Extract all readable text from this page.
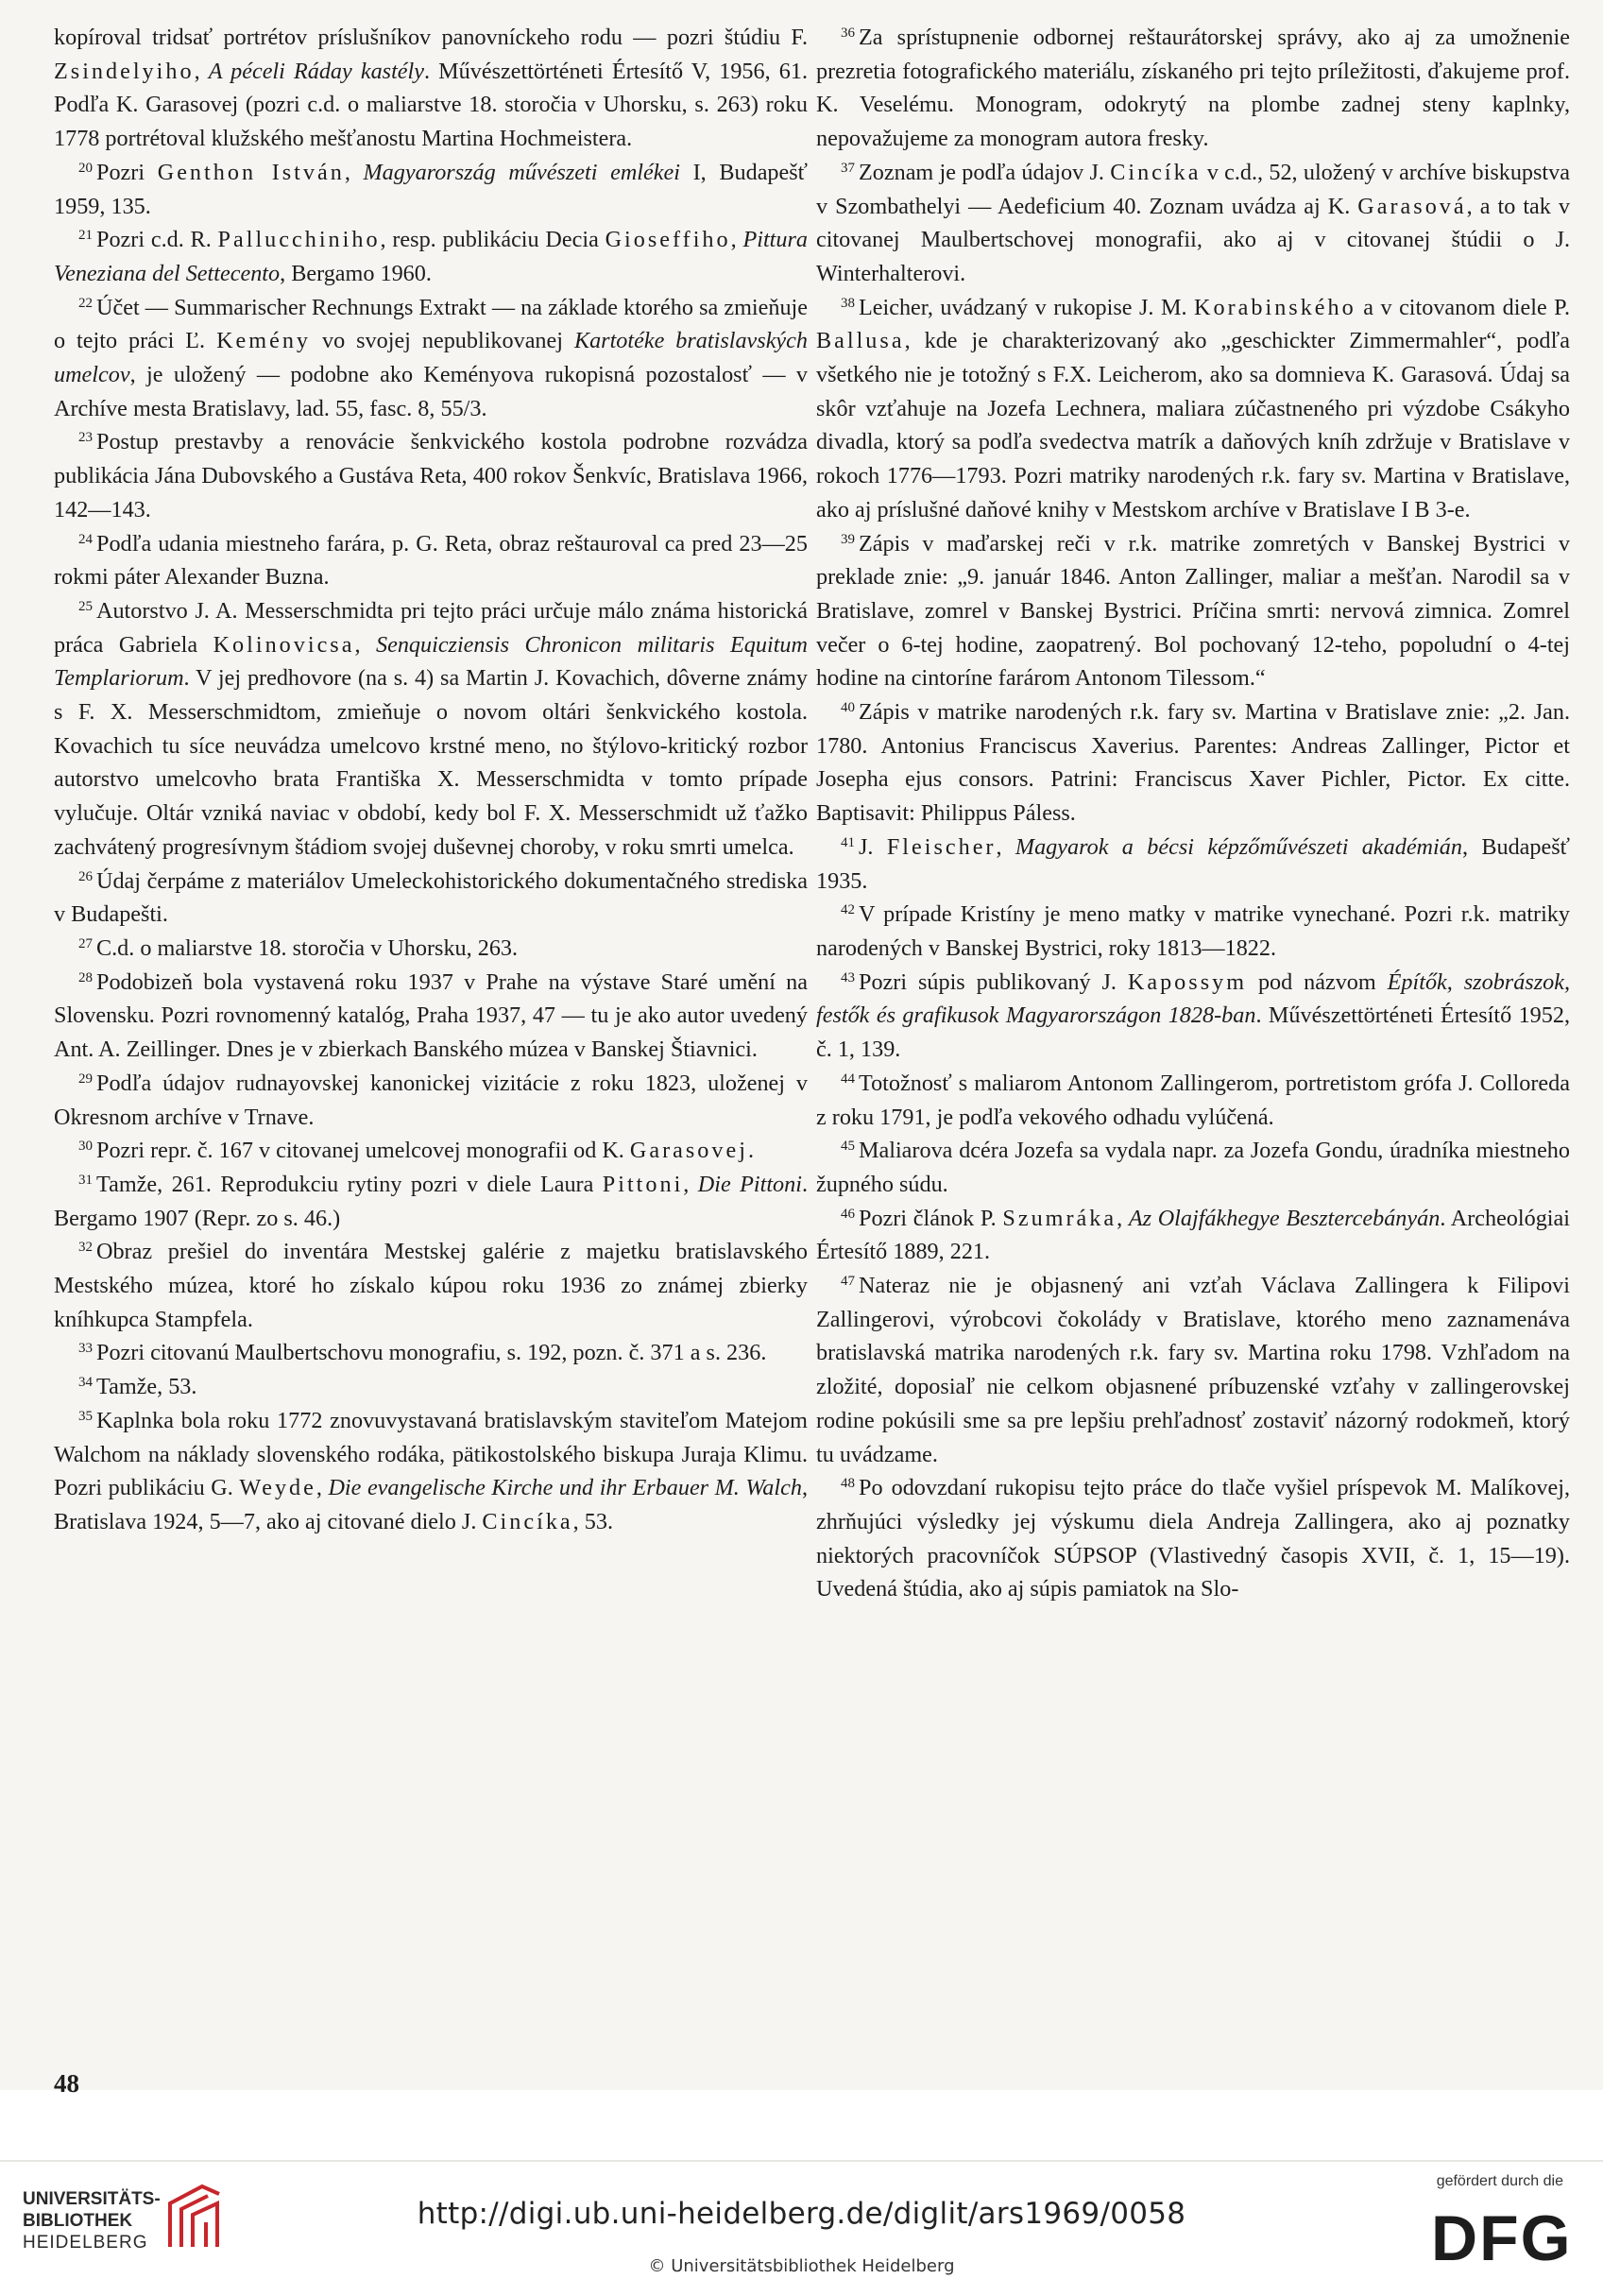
kopíroval tridsať portrétov príslušníkov panovníckeho rodu — pozri štúdiu F. Zsindelyiho, A péceli Ráday kastély. Művészettörténeti Értesítő V, 1956, 61. Podľa K. Garasovej (pozri c.d. o maliarstve 18. storočia v Uhorsku, s. 263) roku 1778 portrétoval klužského mešťanostu Martina Hochmeistera.

$^{20}$ Pozri Genthon István, Magyarország művészeti emlékei I, Budapešť 1959, 135.

$^{21}$ Pozri c.d. R. Pallucchiniho, resp. publikáciu Decia Gioseffiho, Pittura Veneziana del Settecento, Bergamo 1960.

$^{22}$ Účet — Summarischer Rechnungs Extrakt — na základe ktorého sa zmieňuje o tejto práci Ľ. Kemény vo svojej nepublikovanej Kartotéke bratislavských umelcov, je uložený — podobne ako Keményova rukopisná pozostalosť — v Archíve mesta Bratislavy, lad. 55, fasc. 8, 55/3.

$^{23}$ Postup prestavby a renovácie šenkvického kostola podrobne rozvádza publikácia Jána Dubovského a Gustáva Reta, 400 rokov Šenkvíc, Bratislava 1966, 142—143.

$^{24}$ Podľa udania miestneho farára, p. G. Reta, obraz reštauroval ca pred 23—25 rokmi páter Alexander Buzna.

$^{25}$ Autorstvo J. A. Messerschmidta pri tejto práci určuje málo známa historická práca Gabriela Kolinovicsa, Senquicziensis Chronicon militaris Equitum Templariorum. V jej predhovore (na s. 4) sa Martin J. Kovachich, dôverne známy s F. X. Messerschmidtom, zmieňuje o novom oltári šenkvického kostola. Kovachich tu síce neuvádza umelcovo krstné meno, no štýlovo-kritický rozbor autorstvo umelcovho brata Františka X. Messerschmidta v tomto prípade vylučuje. Oltár vzniká naviac v období, kedy bol F. X. Messerschmidt už ťažko zachvátený progresívnym štádiom svojej duševnej choroby, v roku smrti umelca.

$^{26}$ Údaj čerpáme z materiálov Umeleckohistorického dokumentačného strediska v Budapešti.

$^{27}$ C.d. o maliarstve 18. storočia v Uhorsku, 263.

$^{28}$ Podobizeň bola vystavená roku 1937 v Prahe na výstave Staré umění na Slovensku. Pozri rovnomenný katalóg, Praha 1937, 47 — tu je ako autor uvedený Ant. A. Zeillinger. Dnes je v zbierkach Banského múzea v Banskej Štiavnici.

$^{29}$ Podľa údajov rudnayovskej kanonickej vizitácie z roku 1823, uloženej v Okresnom archíve v Trnave.

$^{30}$ Pozri repr. č. 167 v citovanej umelcovej monografii od K. Garasovej.

$^{31}$ Tamže, 261. Reprodukciu rytiny pozri v diele Laura Pittoni, Die Pittoni. Bergamo 1907 (Repr. zo s. 46.)

$^{32}$ Obraz prešiel do inventára Mestskej galérie z majetku bratislavského Mestského múzea, ktoré ho získalo kúpou roku 1936 zo známej zbierky kníhkupca Stampfela.

$^{33}$ Pozri citovanú Maulbertschovu monografiu, s. 192, pozn. č. 371 a s. 236.

$^{34}$ Tamže, 53.

$^{35}$ Kaplnka bola roku 1772 znovuvystavaná bratislavským staviteľom Matejom Walchom na náklady slovenského rodáka, pätikostolského biskupa Juraja Klimu. Pozri publikáciu G. Weyde, Die evangelische Kirche und ihr Erbauer M. Walch, Bratislava 1924, 5—7, ako aj citované dielo J. Cincíka, 53.

$^{36}$ Za sprístupnenie odbornej reštaurátorskej správy, ako aj za umožnenie prezretia fotografického materiálu, získaného pri tejto príležitosti, ďakujeme prof. K. Veselému. Monogram, odokrytý na plombe zadnej steny kaplnky, nepovažujeme za monogram autora fresky.

$^{37}$ Zoznam je podľa údajov J. Cincíka v c.d., 52, uložený v archíve biskupstva v Szombathelyi — Aedeficium 40. Zoznam uvádza aj K. Garasová, a to tak v citovanej Maulbertschovej monografii, ako aj v citovanej štúdii o J. Winterhalterovi.

$^{38}$ Leicher, uvádzaný v rukopise J. M. Korabinského a v citovanom diele P. Ballusa, kde je charakterizovaný ako „geschickter Zimmermahler“, podľa všetkého nie je totožný s F.X. Leicherom, ako sa domnieva K. Garasová. Údaj sa skôr vzťahuje na Jozefa Lechnera, maliara zúčastneného pri výzdobe Csákyho divadla, ktorý sa podľa svedectva matrík a daňových kníh zdržuje v Bratislave v rokoch 1776—1793. Pozri matriky narodených r.k. fary sv. Martina v Bratislave, ako aj príslušné daňové knihy v Mestskom archíve v Bratislave I B 3-e.

$^{39}$ Zápis v maďarskej reči v r.k. matrike zomretých v Banskej Bystrici v preklade znie: „9. január 1846. Anton Zallinger, maliar a mešťan. Narodil sa v Bratislave, zomrel v Banskej Bystrici. Príčina smrti: nervová zimnica. Zomrel večer o 6-tej hodine, zaopatrený. Bol pochovaný 12-teho, popoludní o 4-tej hodine na cintoríne farárom Antonom Tilessom.“

$^{40}$ Zápis v matrike narodených r.k. fary sv. Martina v Bratislave znie: „2. Jan. 1780. Antonius Franciscus Xaverius. Parentes: Andreas Zallinger, Pictor et Josepha ejus consors. Patrini: Franciscus Xaver Pichler, Pictor. Ex citte. Baptisavit: Philippus Páless.

$^{41}$ J. Fleischer, Magyarok a bécsi képzőművészeti akadémián, Budapešť 1935.

$^{42}$ V prípade Kristíny je meno matky v matrike vynechané. Pozri r.k. matriky narodených v Banskej Bystrici, roky 1813—1822.

$^{43}$ Pozri súpis publikovaný J. Kapossym pod názvom Építők, szobrászok, festők és grafikusok Magyarországon 1828-ban. Művészettörténeti Értesítő 1952, č. 1, 139.

$^{44}$ Totožnosť s maliarom Antonom Zallingerom, portretistom grófa J. Colloreda z roku 1791, je podľa vekového odhadu vylúčená.

$^{45}$ Maliarova dcéra Jozefa sa vydala napr. za Jozefa Gondu, úradníka miestneho župného súdu.

$^{46}$ Pozri článok P. Szumráka, Az Olajfákhegye Besztercebányán. Archeológiai Értesítő 1889, 221.

$^{47}$ Nateraz nie je objasnený ani vzťah Václava Zallingera k Filipovi Zallingerovi, výrobcovi čokolády v Bratislave, ktorého meno zaznamenáva bratislavská matrika narodených r.k. fary sv. Martina roku 1798. Vzhľadom na zložité, doposiaľ nie celkom objasnené príbuzenské vzťahy v zallingerovskej rodine pokúsili sme sa pre lepšiu prehľadnosť zostaviť názorný rodokmeň, ktorý tu uvádzame.

$^{48}$ Po odovzdaní rukopisu tejto práce do tlače vyšiel príspevok M. Malíkovej, zhrňujúci výsledky jej výskumu diela Andreja Zallingera, ako aj poznatky niektorých pracovníčok SÚPSOP (Vlastivedný časopis XVII, č. 1, 15—19). Uvedená štúdia, ako aj súpis pamiatok na Slo-

48

UNIVERSITÄTS-
BIBLIOTHEK
HEIDELBERG
http://digi.ub.uni-heidelberg.de/diglit/ars1969/0058
© Universitätsbibliothek Heidelberg
gefördert durch die
DFG
